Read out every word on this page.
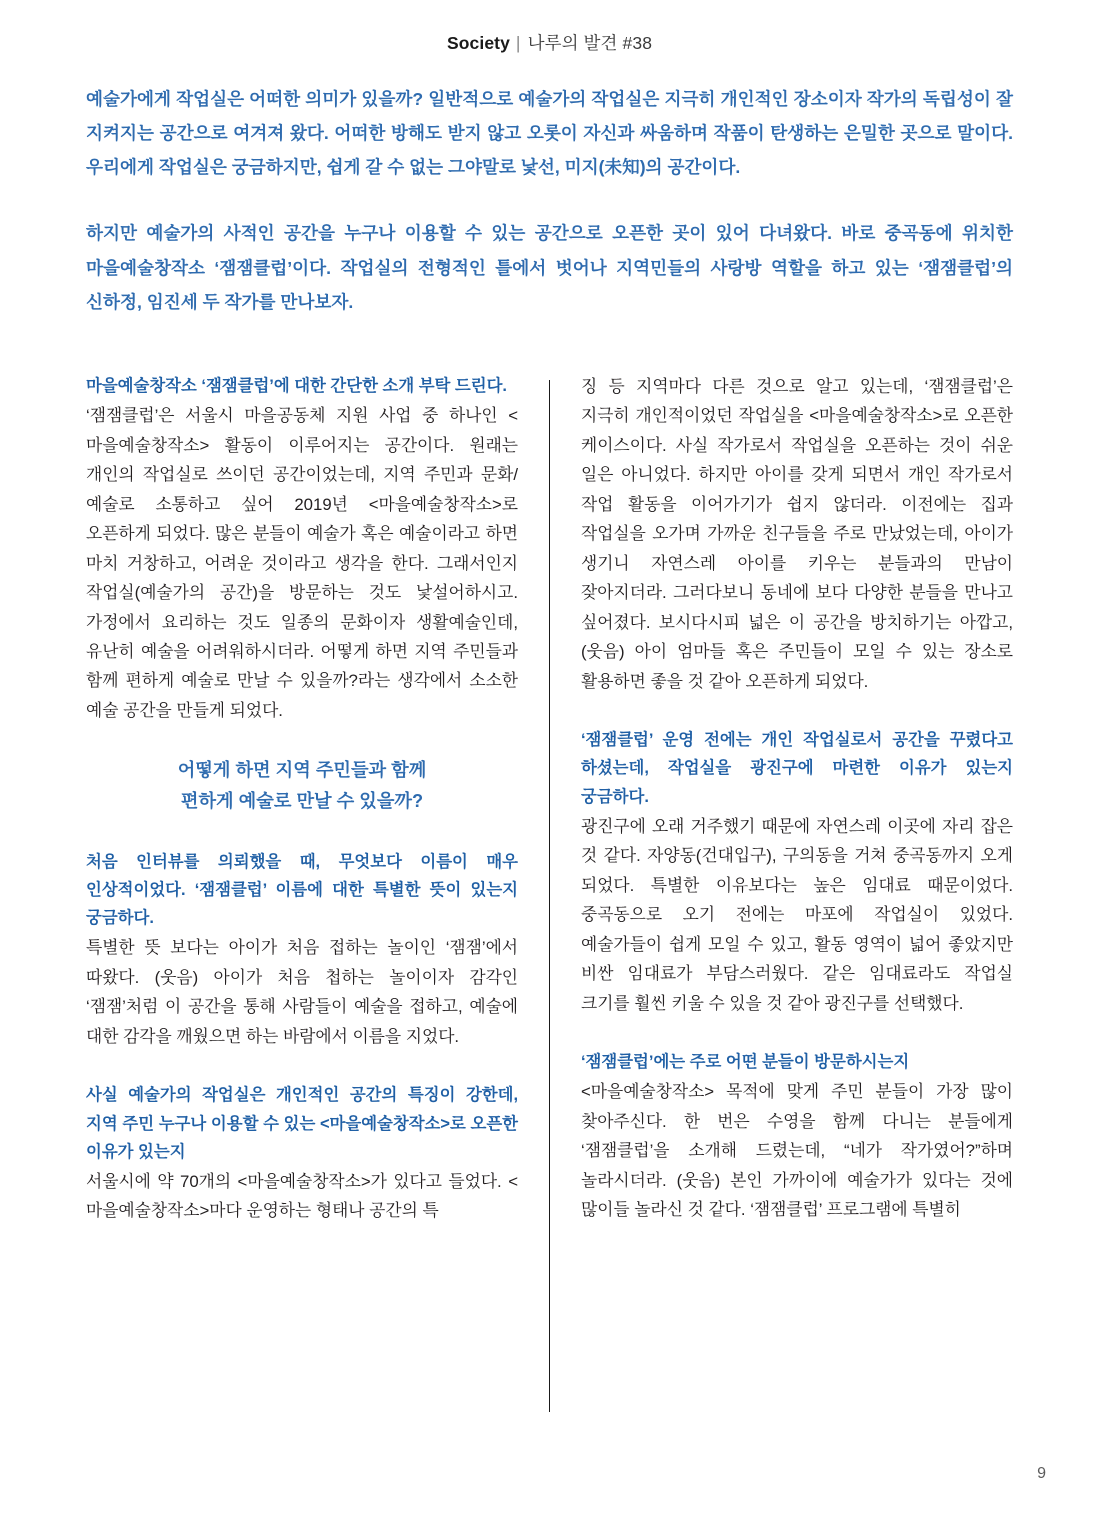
Society | 나루의 발견 #38

예술가에게 작업실은 어떠한 의미가 있을까? 일반적으로 예술가의 작업실은 지극히 개인적인 장소이자 작가의 독립성이 잘 지켜지는 공간으로 여겨져 왔다. 어떠한 방해도 받지 않고 오롯이 자신과 싸움하며 작품이 탄생하는 은밀한 곳으로 말이다. 우리에게 작업실은 궁금하지만, 쉽게 갈 수 없는 그야말로 낯선, 미지(未知)의 공간이다.

하지만 예술가의 사적인 공간을 누구나 이용할 수 있는 공간으로 오픈한 곳이 있어 다녀왔다. 바로 중곡동에 위치한 마을예술창작소 ‘잼잼클럽’이다. 작업실의 전형적인 틀에서 벗어나 지역민들의 사랑방 역할을 하고 있는 ‘잼잼클럽’의 신하정, 임진세 두 작가를 만나보자.

마을예술창작소 ‘잼잼클럽’에 대한 간단한 소개 부탁 드린다.

‘잼잼클럽’은 서울시 마을공동체 지원 사업 중 하나인 <마을예술창작소> 활동이 이루어지는 공간이다. 원래는 개인의 작업실로 쓰이던 공간이었는데, 지역 주민과 문화/예술로 소통하고 싶어 2019년 <마을예술창작소>로 오픈하게 되었다. 많은 분들이 예술가 혹은 예술이라고 하면 마치 거창하고, 어려운 것이라고 생각을 한다. 그래서인지 작업실(예술가의 공간)을 방문하는 것도 낯설어하시고. 가정에서 요리하는 것도 일종의 문화이자 생활예술인데, 유난히 예술을 어려워하시더라. 어떻게 하면 지역 주민들과 함께 편하게 예술로 만날 수 있을까?라는 생각에서 소소한 예술 공간을 만들게 되었다.

어떻게 하면 지역 주민들과 함께
편하게 예술로 만날 수 있을까?

처음 인터뷰를 의뢰했을 때, 무엇보다 이름이 매우 인상적이었다. ‘잼잼클럽’ 이름에 대한 특별한 뜻이 있는지 궁금하다.

특별한 뜻 보다는 아이가 처음 접하는 놀이인 ‘잼잼’에서 따왔다. (웃음) 아이가 처음 첩하는 놀이이자 감각인 ‘잼잼’처럼 이 공간을 통해 사람들이 예술을 접하고, 예술에 대한 감각을 깨웠으면 하는 바람에서 이름을 지었다.

사실 예술가의 작업실은 개인적인 공간의 특징이 강한데, 지역 주민 누구나 이용할 수 있는 <마을예술창작소>로 오픈한 이유가 있는지

서울시에 약 70개의 <마을예술창작소>가 있다고 들었다. <마을예술창작소>마다 운영하는 형태나 공간의 특

징 등 지역마다 다른 것으로 알고 있는데, ‘잼잼클럽’은 지극히 개인적이었던 작업실을 <마을예술창작소>로 오픈한 케이스이다. 사실 작가로서 작업실을 오픈하는 것이 쉬운 일은 아니었다. 하지만 아이를 갖게 되면서 개인 작가로서 작업 활동을 이어가기가 쉽지 않더라. 이전에는 집과 작업실을 오가며 가까운 친구들을 주로 만났었는데, 아이가 생기니 자연스레 아이를 키우는 분들과의 만남이 잦아지더라. 그러다보니 동네에 보다 다양한 분들을 만나고 싶어졌다. 보시다시피 넓은 이 공간을 방치하기는 아깝고, (웃음) 아이 엄마들 혹은 주민들이 모일 수 있는 장소로 활용하면 좋을 것 같아 오픈하게 되었다.

‘잼잼클럽’ 운영 전에는 개인 작업실로서 공간을 꾸렸다고 하셨는데, 작업실을 광진구에 마련한 이유가 있는지 궁금하다.

광진구에 오래 거주했기 때문에 자연스레 이곳에 자리 잡은 것 같다. 자양동(건대입구), 구의동을 거쳐 중곡동까지 오게 되었다. 특별한 이유보다는 높은 임대료 때문이었다. 중곡동으로 오기 전에는 마포에 작업실이 있었다. 예술가들이 쉽게 모일 수 있고, 활동 영역이 넓어 좋았지만 비싼 임대료가 부담스러웠다. 같은 임대료라도 작업실 크기를 훨씬 키울 수 있을 것 같아 광진구를 선택했다.

‘잼잼클럽’에는 주로 어떤 분들이 방문하시는지

<마을예술창작소> 목적에 맞게 주민 분들이 가장 많이 찾아주신다. 한 번은 수영을 함께 다니는 분들에게 ‘잼잼클럽’을 소개해 드렸는데, “네가 작가였어?”하며 놀라시더라. (웃음) 본인 가까이에 예술가가 있다는 것에 많이들 놀라신 것 같다. ‘잼잼클럽’ 프로그램에 특별히

9
